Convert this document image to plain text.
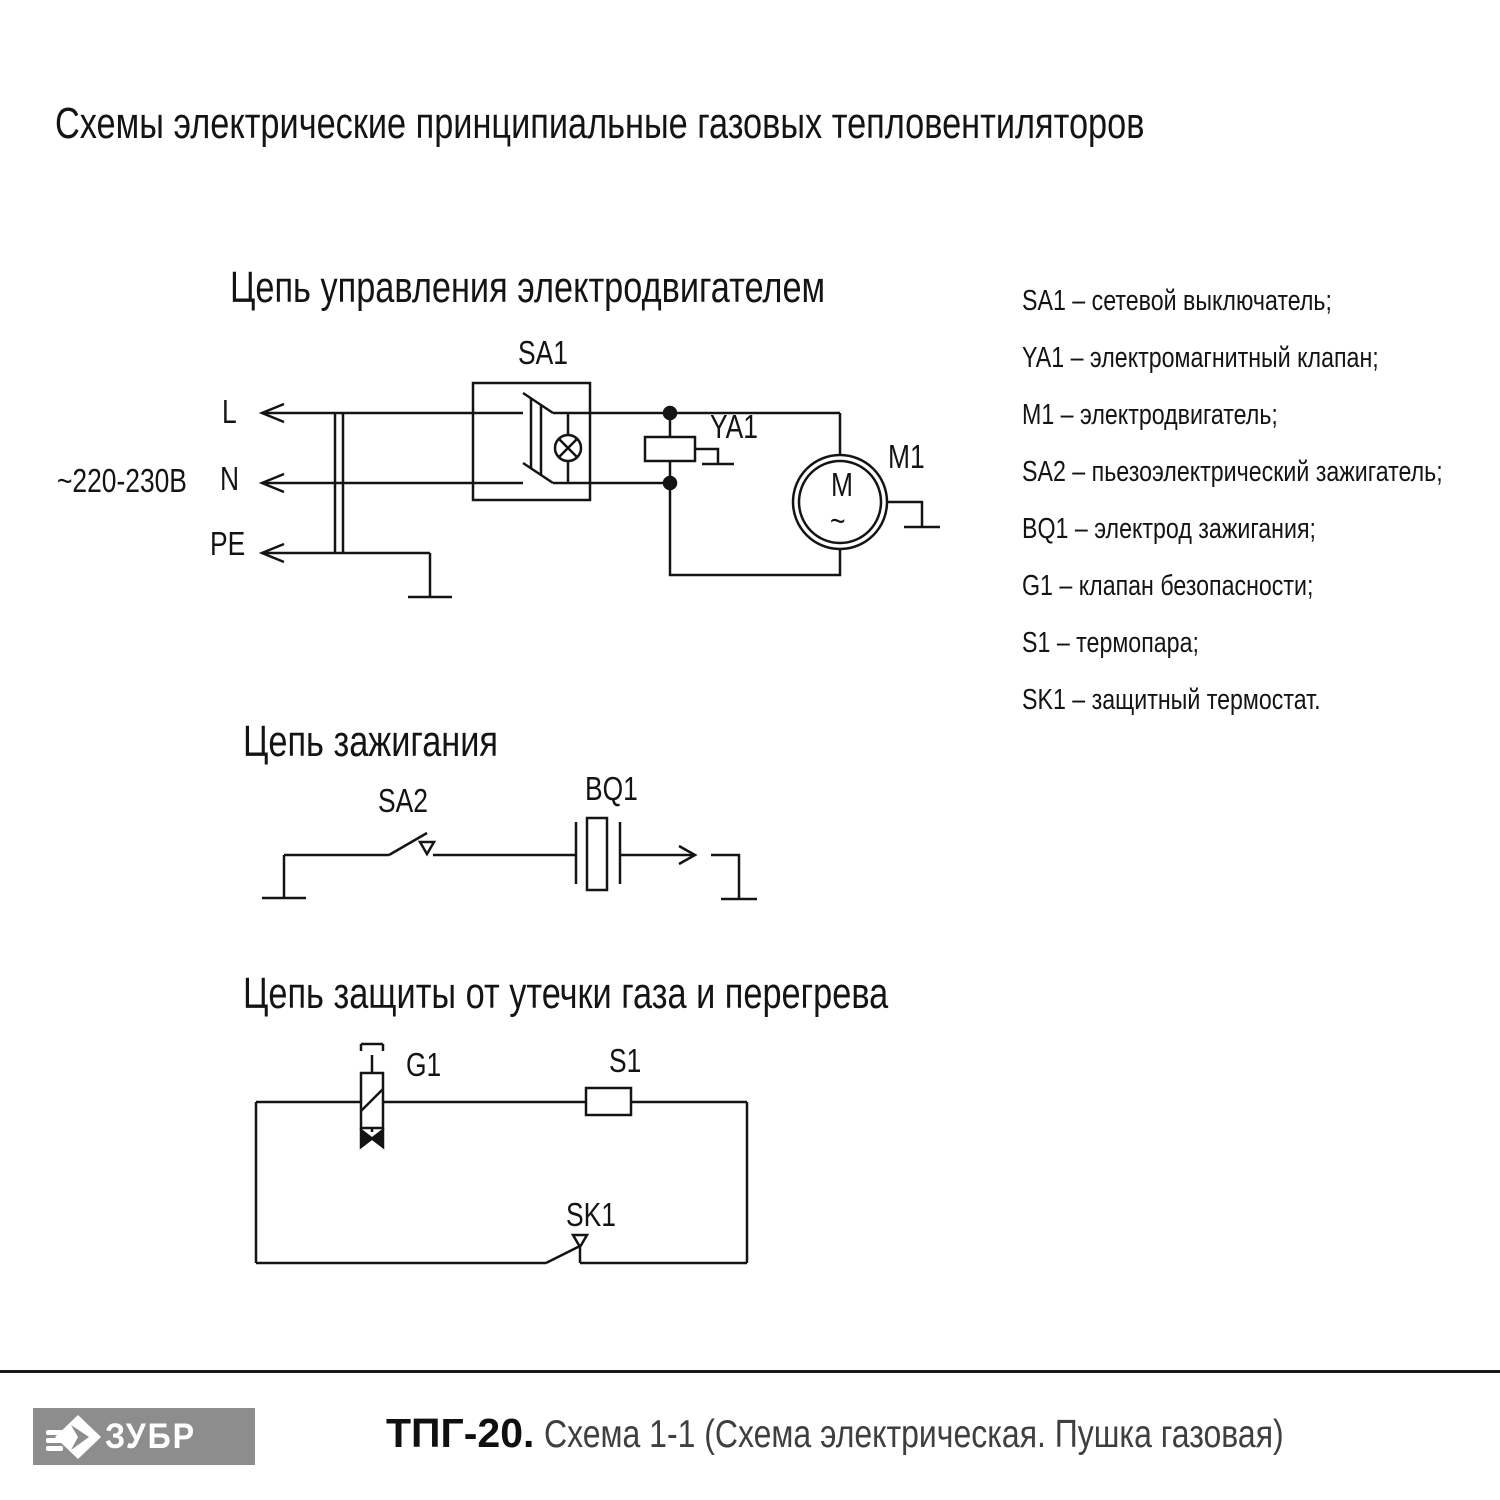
Схемы электрические принципиальные газовых тепловентиляторов
Цепь управления электродвигателем
SA1
~220-230В
L
N
PE
YA1
M1
M
~
Цепь зажигания
SA2	BQ1
Цепь защиты от утечки газа и перегрева
G1	S1
SK1
SA1 – сетевой выключатель;
YA1 – электромагнитный клапан;
M1 – электродвигатель;
SA2 – пьезоэлектрический зажигатель;
BQ1 – электрод зажигания;
G1 – клапан безопасности;
S1 – термопара;
SK1 – защитный термостат.
ЗУБР	ТПГ-20. Схема 1-1 (Схема электрическая. Пушка газовая)
